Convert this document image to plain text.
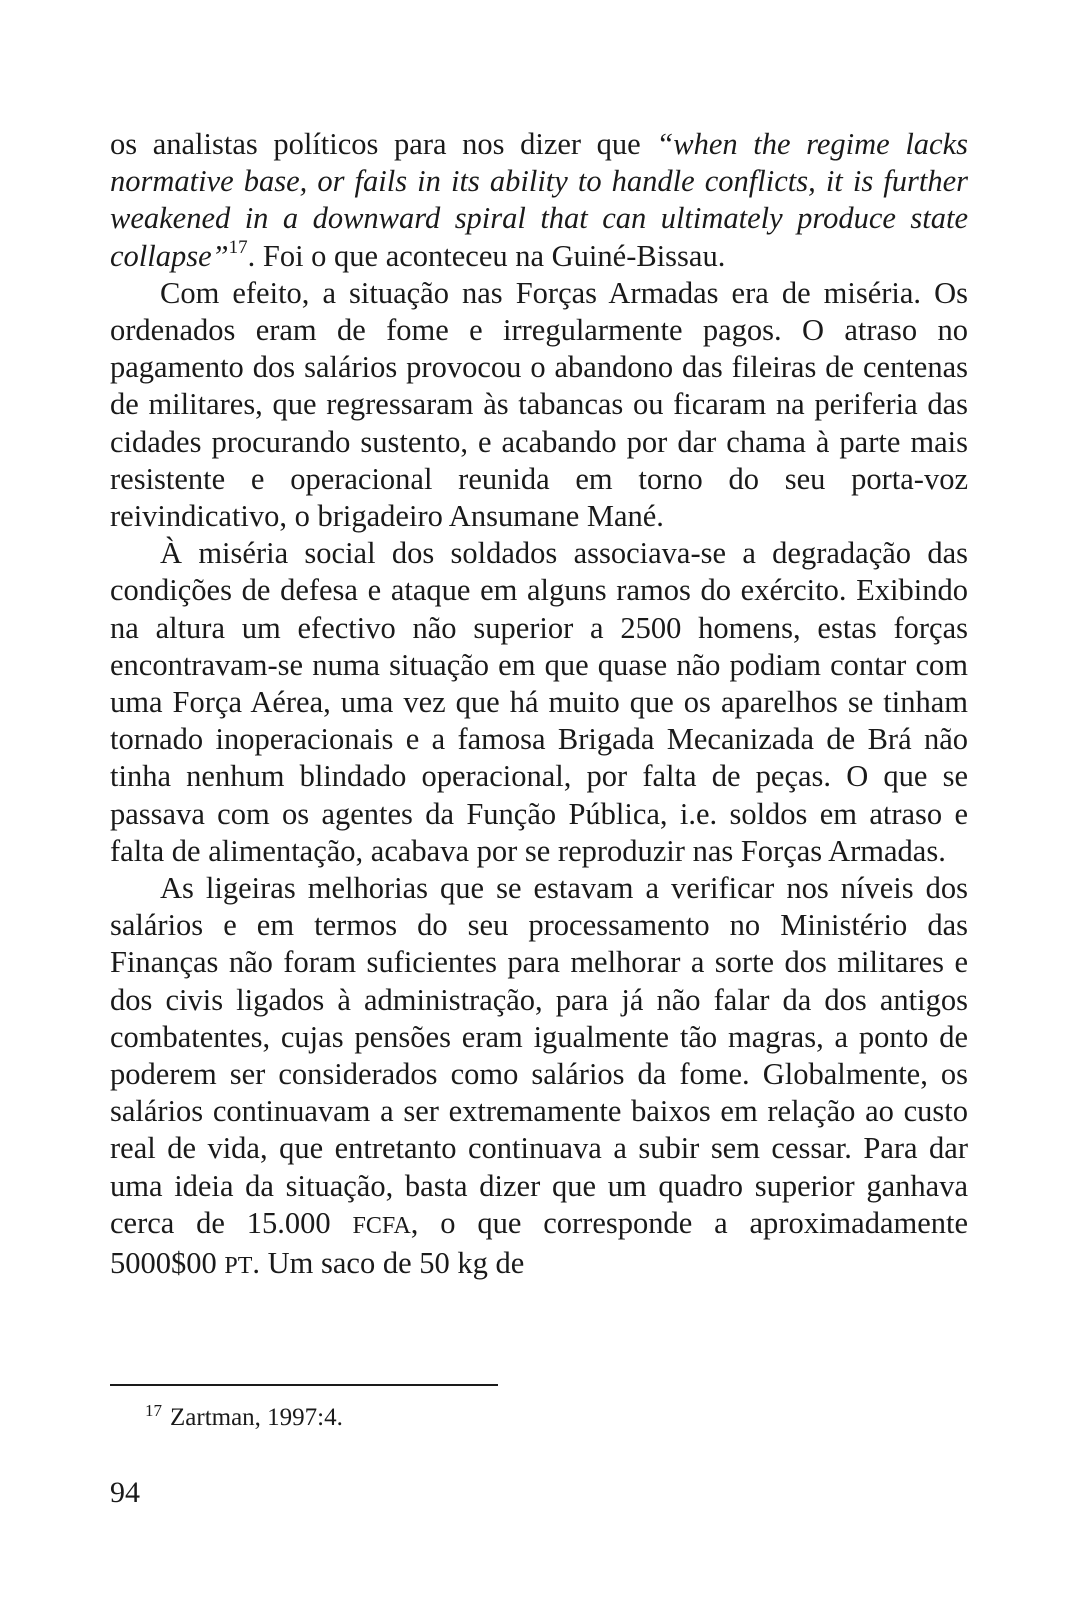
os analistas políticos para nos dizer que “when the regime lacks normative base, or fails in its ability to handle conflicts, it is further weakened in a downward spiral that can ultimately produce state collapse”$^{17}$. Foi o que aconteceu na Guiné-Bissau.

Com efeito, a situação nas Forças Armadas era de miséria. Os ordenados eram de fome e irregularmente pagos. O atraso no pagamento dos salários provocou o abandono das fileiras de centenas de militares, que regressaram às tabancas ou ficaram na periferia das cidades procurando sustento, e acabando por dar chama à parte mais resistente e operacional reunida em torno do seu porta-voz reivindicativo, o brigadeiro Ansumane Mané.

À miséria social dos soldados associava-se a degradação das condições de defesa e ataque em alguns ramos do exército. Exibindo na altura um efectivo não superior a 2500 homens, estas forças encontravam-se numa situação em que quase não podiam contar com uma Força Aérea, uma vez que há muito que os aparelhos se tinham tornado inoperacionais e a famosa Brigada Mecanizada de Brá não tinha nenhum blindado operacional, por falta de peças. O que se passava com os agentes da Função Pública, i.e. soldos em atraso e falta de alimentação, acabava por se reproduzir nas Forças Armadas.

As ligeiras melhorias que se estavam a verificar nos níveis dos salários e em termos do seu processamento no Ministério das Finanças não foram suficientes para melhorar a sorte dos militares e dos civis ligados à administração, para já não falar da dos antigos combatentes, cujas pensões eram igualmente tão magras, a ponto de poderem ser considerados como salários da fome. Globalmente, os salários continuavam a ser extremamente baixos em relação ao custo real de vida, que entretanto continuava a subir sem cessar. Para dar uma ideia da situação, basta dizer que um quadro superior ganhava cerca de 15.000 FCFA, o que corresponde a aproximadamente 5000$00 PT. Um saco de 50 kg de

$^{17}$ Zartman, 1997:4.
94
